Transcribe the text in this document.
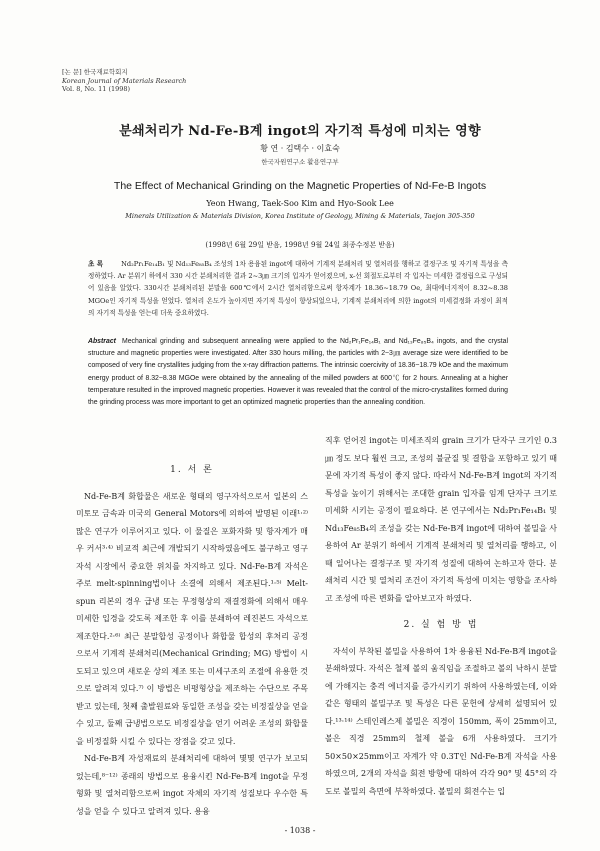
[논 문] 한국재료학회지
Korean Journal of Materials Research
Vol. 8, No. 11 (1998)
분쇄처리가 Nd-Fe-B계 ingot의 자기적 특성에 미치는 영향
황 연 · 김택수 · 이효숙
한국자원연구소 활용연구부
The Effect of Mechanical Grinding on the Magnetic Properties of Nd-Fe-B Ingots
Yeon Hwang, Taek-Soo Kim and Hyo-Sook Lee
Minerals Utilization & Materials Division, Korea Institute of Geology, Mining & Materials, Taejon 305-350
(1998년 6월 29일 받음, 1998년 9월 24일 최종수정본 받음)
초 록	Nd₂Pr₁Fe₁₄B₁ 및 Nd₁₃Fe₈₅B₄ 조성의 1차 용융된 ingot에 대하여 기계적 분쇄처리 및 열처리를 행하고 결정구조 및 자기적 특성을 측정하였다. Ar 분위기 하에서 330 시간 분쇄처리한 결과 2~3㎛ 크기의 입자가 얻어졌으며, x-선 회절도로부터 각 입자는 미세한 결정립으로 구성되어 있음을 알았다. 330시간 분쇄처리된 분말을 600℃에서 2시간 열처리함으로써 항자계가 18.36~18.79 Oe, 최대에너지적이 8.32~8.38 MGOe인 자기적 특성을 얻었다. 열처리 온도가 높아지면 자기적 특성이 향상되었으나, 기계적 분쇄처리에 의한 ingot의 미세결정화 과정이 최적의 자기적 특성을 얻는데 더욱 중요하였다.
Abstract Mechanical grinding and subsequent annealing were applied to the Nd₂Pr₁Fe₁₄B₁ and Nd₁₃Fe₈₅B₄ ingots, and the crystal structure and magnetic properties were investigated. After 330 hours milling, the particles with 2~3㎛ average size were identified to be composed of very fine crystallites judging from the x-ray diffraction patterns. The intrinsic coercivity of 18.36~18.79 kOe and the maximum energy product of 8.32~8.38 MGOe were obtained by the annealing of the milled powders at 600℃ for 2 hours. Annealing at a higher temperature resulted in the improved magnetic properties. However it was revealed that the control of the micro-crystallites formed during the grinding process was more important to get an optimized magnetic properties than the annealing condition.
1. 서 론

Nd-Fe-B계 화합물은 새로운 형태의 영구자석으로서 일본의 스미토모 금속과 미국의 General Motors에 의하여 발명된 이래¹·²⁾ 많은 연구가 이루어지고 있다. 이 물질은 포화자화 및 항자계가 매우 커서³·⁴⁾ 비교적 최근에 개발되기 시작하였음에도 불구하고 영구자석 시장에서 중요한 위치를 차지하고 있다. Nd-Fe-B계 자석은 주로 melt-spinning법이나 소결에 의해서 제조된다.¹·⁵⁾ Melt-spun 리본의 경우 급냉 또는 무정형상의 재결정화에 의해서 매우 미세한 입경을 갖도록 제조한 후 이를 분쇄하여 레진본드 자석으로 제조한다.²·⁶⁾ 최근 분말합성 공정이나 화합물 합성의 후처리 공정으로서 기계적 분쇄처리(Mechanical Grinding; MG) 방법이 시도되고 있으며 새로운 상의 제조 또는 미세구조의 조절에 유용한 것으로 알려져 있다.⁷⁾ 이 방법은 비평형상을 제조하는 수단으로 주목받고 있는데, 첫째 출발원료와 동일한 조성을 갖는 비정질상을 얻을 수 있고, 둘째 급냉법으로도 비정질상을 얻기 어려운 조성의 화합물을 비정질화 시킬 수 있다는 장점을 갖고 있다.

Nd-Fe-B계 자성재료의 분쇄처리에 대하여 몇몇 연구가 보고되었는데,⁸⁻¹²⁾ 종래의 방법으로 용융시킨 Nd-Fe-B계 ingot을 무정형화 및 열처리함으로써 ingot 자체의 자기적 성질보다 우수한 특성을 얻을 수 있다고 알려져 있다. 용융

직후 얻어진 ingot는 미세조직의 grain 크기가 단자구 크기인 0.3㎛ 정도 보다 훨씬 크고, 조성의 불균질 및 결함을 포함하고 있기 때문에 자기적 특성이 좋지 않다. 따라서 Nd-Fe-B계 ingot의 자기적 특성을 높이기 위해서는 조대한 grain 입자를 임계 단자구 크기로 미세화 시키는 공정이 필요하다. 본 연구에서는 Nd₂Pr₁Fe₁₄B₁ 및 Nd₁₃Fe₈₅B₄의 조성을 갖는 Nd-Fe-B계 ingot에 대하여 볼밀을 사용하여 Ar 분위기 하에서 기계적 분쇄처리 및 열처리를 행하고, 이때 일어나는 결정구조 및 자기적 성질에 대하여 논하고자 한다. 분쇄처리 시간 및 열처리 조건이 자기적 특성에 미치는 영향을 조사하고 조성에 따른 변화를 알아보고자 하였다.

2. 실 험 방 법

자석이 부착된 볼밀을 사용하여 1차 용융된 Nd-Fe-B계 ingot을 분쇄하였다. 자석은 철제 볼의 움직임을 조절하고 볼의 낙하시 분말에 가해지는 충격 에너지를 증가시키기 위하여 사용하였는데, 이와 같은 형태의 볼밀구조 및 특성은 다른 문헌에 상세히 설명되어 있다.¹³·¹⁴⁾ 스테인레스제 볼밀은 직경이 150mm, 폭이 25mm이고, 볼은 직경 25mm의 철제 볼을 6개 사용하였다. 크기가 50×50×25mm이고 자계가 약 0.3T인 Nd-Fe-B계 자석을 사용하였으며, 2개의 자석을 회전 방향에 대하여 각각 90° 및 45°의 각도로 볼밀의 측면에 부착하였다. 볼밀의 회전수는 입

- 1038 -
